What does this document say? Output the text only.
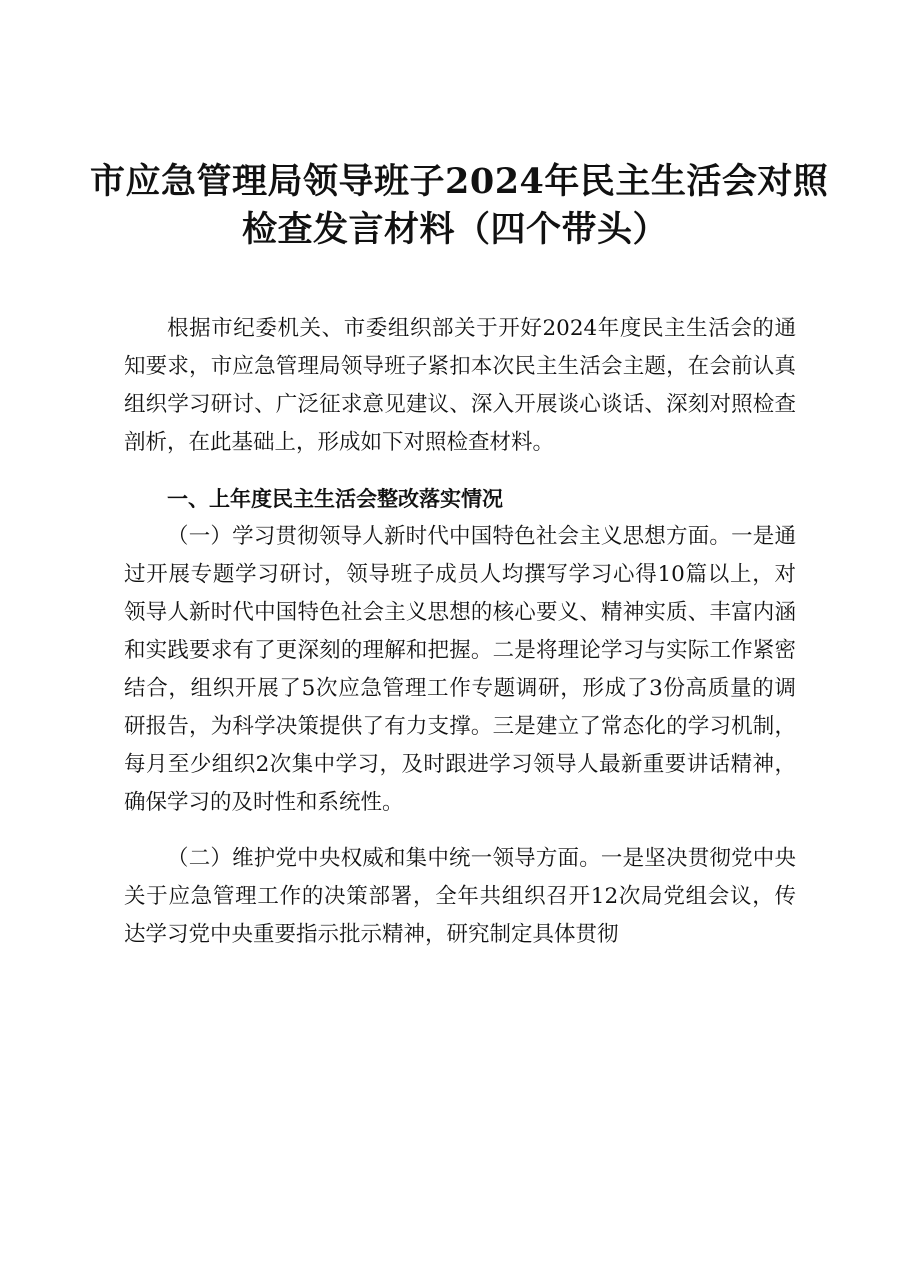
市应急管理局领导班子2024年民主生活会对照
检查发言材料（四个带头）

根据市纪委机关、市委组织部关于开好2024年度民主生活会的通知要求，市应急管理局领导班子紧扣本次民主生活会主题，在会前认真组织学习研讨、广泛征求意见建议、深入开展谈心谈话、深刻对照检查剖析，在此基础上，形成如下对照检查材料。

一、上年度民主生活会整改落实情况

（一）学习贯彻领导人新时代中国特色社会主义思想方面。一是通过开展专题学习研讨，领导班子成员人均撰写学习心得10篇以上，对领导人新时代中国特色社会主义思想的核心要义、精神实质、丰富内涵和实践要求有了更深刻的理解和把握。二是将理论学习与实际工作紧密结合，组织开展了5次应急管理工作专题调研，形成了3份高质量的调研报告，为科学决策提供了有力支撑。三是建立了常态化的学习机制，每月至少组织2次集中学习，及时跟进学习领导人最新重要讲话精神，确保学习的及时性和系统性。

（二）维护党中央权威和集中统一领导方面。一是坚决贯彻党中央关于应急管理工作的决策部署，全年共组织召开12次局党组会议，传达学习党中央重要指示批示精神，研究制定具体贯彻
